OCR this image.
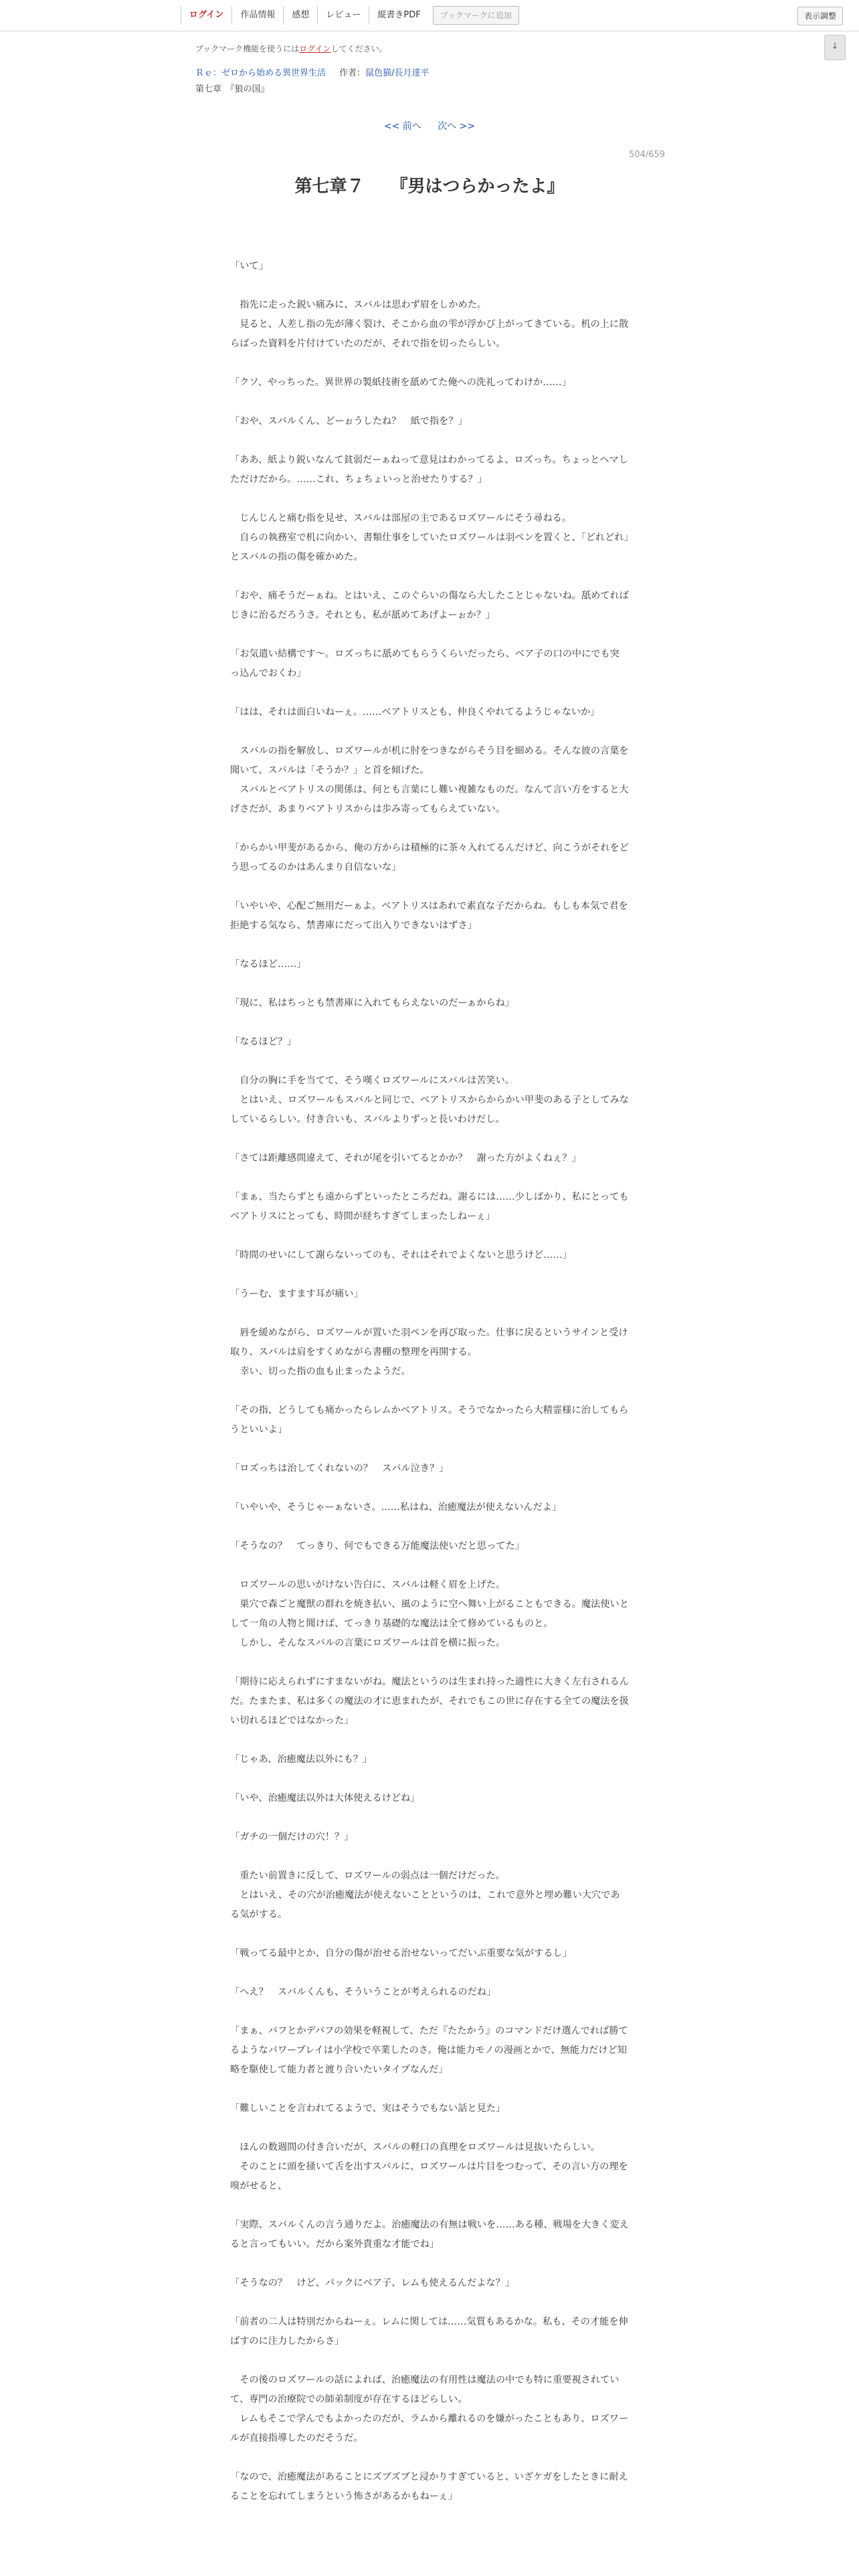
ログイン	作品情報	感想	レビュー	縦書きPDF	ブックマークに追加	表示調整
↓
ブックマーク機能を使うにはログインしてください。
Ｒｅ：ゼロから始める異世界生活 作者：鼠色猫/長月達平
第七章　『狼の国』
<< 前へ 次へ >>
504/659
第七章７　　『男はつらかったよ』

「いて」

　指先に走った鋭い痛みに、スバルは思わず眉をしかめた。
　見ると、人差し指の先が薄く裂け、そこから血の雫が浮かび上がってきている。机の上に散らばった資料を片付けていたのだが、それで指を切ったらしい。

「クソ、やっちった。異世界の製紙技術を舐めてた俺への洗礼ってわけか……」

「おや、スバルくん、どーぉうしたね？　紙で指を？」

「ああ、紙より鋭いなんて貧弱だーぁねって意見はわかってるよ、ロズっち。ちょっとヘマしただけだから。……これ、ちょちょいっと治せたりする？」

　じんじんと痛む指を見せ、スバルは部屋の主であるロズワールにそう尋ねる。
　自らの執務室で机に向かい、書類仕事をしていたロズワールは羽ペンを置くと、「どれどれ」とスバルの指の傷を確かめた。

「おや、痛そうだーぁね。とはいえ、このぐらいの傷なら大したことじゃないね。舐めてればじきに治るだろうさ。それとも、私が舐めてあげよーぉか？」

「お気遣い結構です～。ロズっちに舐めてもらうくらいだったら、ベア子の口の中にでも突っ込んでおくわ」

「はは、それは面白いねーぇ。……ベアトリスとも、仲良くやれてるようじゃないか」

　スバルの指を解放し、ロズワールが机に肘をつきながらそう目を細める。そんな彼の言葉を聞いて、スバルは「そうか？」と首を傾げた。
　スバルとベアトリスの関係は、何とも言葉にし難い複雑なものだ。なんて言い方をすると大げさだが、あまりベアトリスからは歩み寄ってもらえていない。

「からかい甲斐があるから、俺の方からは積極的に茶々入れてるんだけど、向こうがそれをどう思ってるのかはあんまり自信ないな」

「いやいや、心配ご無用だーぁよ。ベアトリスはあれで素直な子だからね。もしも本気で君を拒絶する気なら、禁書庫にだって出入りできないはずさ」

「なるほど……」

「現に、私はちっとも禁書庫に入れてもらえないのだーぁからね」

「なるほど？」

　自分の胸に手を当てて、そう嘆くロズワールにスバルは苦笑い。
　とはいえ、ロズワールもスバルと同じで、ベアトリスからからかい甲斐のある子としてみなしているらしい。付き合いも、スバルよりずっと長いわけだし。

「さては距離感間違えて、それが尾を引いてるとかか？　謝った方がよくねぇ？」

「まぁ、当たらずとも遠からずといったところだね。謝るには……少しばかり、私にとってもベアトリスにとっても、時間が経ちすぎてしまったしねーぇ」

「時間のせいにして謝らないってのも、それはそれでよくないと思うけど……」

「うーむ、ますます耳が痛い」

　唇を緩めながら、ロズワールが置いた羽ペンを再び取った。仕事に戻るというサインと受け取り、スバルは肩をすくめながら書棚の整理を再開する。
　幸い、切った指の血も止まったようだ。

「その指、どうしても痛かったらレムかベアトリス。そうでなかったら大精霊様に治してもらうといいよ」

「ロズっちは治してくれないの？　スバル泣き？」

「いやいや、そうじゃーぁないさ。……私はね、治癒魔法が使えないんだよ」

「そうなの？　てっきり、何でもできる万能魔法使いだと思ってた」

　ロズワールの思いがけない告白に、スバルは軽く眉を上げた。
　巣穴で森ごと魔獣の群れを焼き払い、風のように空へ舞い上がることもできる。魔法使いとして一角の人物と聞けば、てっきり基礎的な魔法は全て修めているものと。
　しかし、そんなスバルの言葉にロズワールは首を横に振った。

「期待に応えられずにすまないがね。魔法というのは生まれ持った適性に大きく左右されるんだ。たまたま、私は多くの魔法の才に恵まれたが、それでもこの世に存在する全ての魔法を扱い切れるほどではなかった」

「じゃあ、治癒魔法以外にも？」

「いや、治癒魔法以外は大体使えるけどね」

「ガチの一個だけの穴！？」

　重たい前置きに反して、ロズワールの弱点は一個だけだった。
　とはいえ、その穴が治癒魔法が使えないことというのは、これで意外と埋め難い大穴である気がする。

「戦ってる最中とか、自分の傷が治せる治せないってだいぶ重要な気がするし」

「へえ？　スバルくんも、そういうことが考えられるのだね」

「まぁ、バフとかデバフの効果を軽視して、ただ『たたかう』のコマンドだけ選んでれば勝てるようなパワープレイは小学校で卒業したのさ。俺は能力モノの漫画とかで、無能力だけど知略を駆使して能力者と渡り合いたいタイプなんだ」

「難しいことを言われてるようで、実はそうでもない話と見た」

　ほんの数週間の付き合いだが、スバルの軽口の真理をロズワールは見抜いたらしい。
　そのことに頭を掻いて舌を出すスバルに、ロズワールは片目をつむって、その言い方の理を嗅がせると、

「実際、スバルくんの言う通りだよ。治癒魔法の有無は戦いを……ある種、戦場を大きく変えると言ってもいい。だから案外貴重な才能でね」

「そうなの？　けど、パックにベア子、レムも使えるんだよな？」

「前者の二人は特別だからねーぇ。レムに関しては……気質もあるかな。私も、その才能を伸ばすのに注力したからさ」

　その後のロズワールの話によれば、治癒魔法の有用性は魔法の中でも特に重要視されていて、専門の治療院での師弟制度が存在するほどらしい。
　レムもそこで学んでもよかったのだが、ラムから離れるのを嫌がったこともあり、ロズワールが直接指導したのだそうだ。

「なので、治癒魔法があることにズブズブと浸かりすぎていると、いざケガをしたときに耐えることを忘れてしまうという怖さがあるかもねーぇ」
